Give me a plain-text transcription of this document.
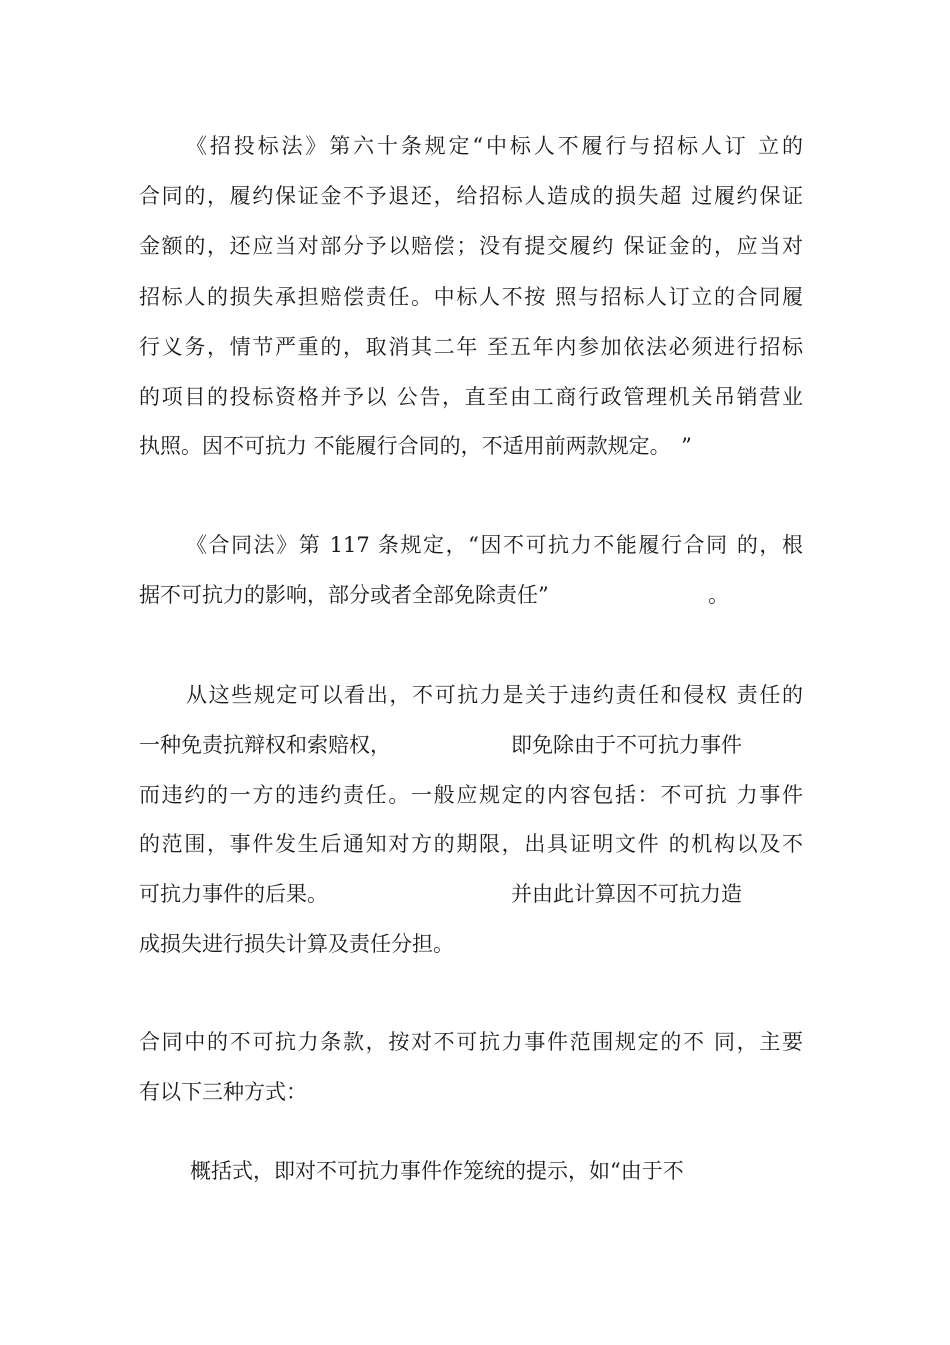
《招投标法》第六十条规定“中标人不履行与招标人订 立的
合同的，履约保证金不予退还，给招标人造成的损失超 过履约保证
金额的，还应当对部分予以赔偿；没有提交履约 保证金的，应当对
招标人的损失承担赔偿责任。中标人不按 照与招标人订立的合同履
行义务，情节严重的，取消其二年 至五年内参加依法必须进行招标
的项目的投标资格并予以 公告，直至由工商行政管理机关吊销营业
执照。因不可抗力 不能履行合同的，不适用前两款规定。　”
《合同法》第 117 条规定，“因不可抗力不能履行合同 的，根
据不可抗力的影响，部分或者全部免除责任”	。
从这些规定可以看出，不可抗力是关于违约责任和侵权 责任的
一种免责抗辩权和索赔权，	即免除由于不可抗力事件
而违约的一方的违约责任。一般应规定的内容包括：不可抗 力事件
的范围，事件发生后通知对方的期限，出具证明文件 的机构以及不
可抗力事件的后果。	并由此计算因不可抗力造
成损失进行损失计算及责任分担。
合同中的不可抗力条款，按对不可抗力事件范围规定的不 同，主要
有以下三种方式：
概括式，即对不可抗力事件作笼统的提示，如“由于不
